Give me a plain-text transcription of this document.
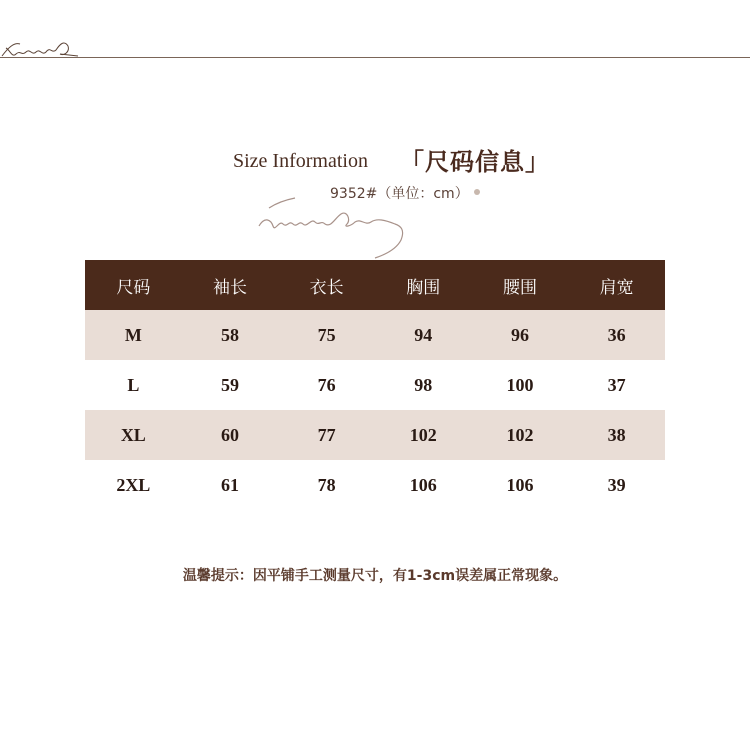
Size Information 「尺码信息」
9352#（单位：cm）
尺码	袖长	衣长	胸围	腰围	肩宽
M	58	75	94	96	36
L	59	76	98	100	37
XL	60	77	102	102	38
2XL	61	78	106	106	39
温馨提示：因平铺手工测量尺寸，有1-3cm误差属正常现象。
